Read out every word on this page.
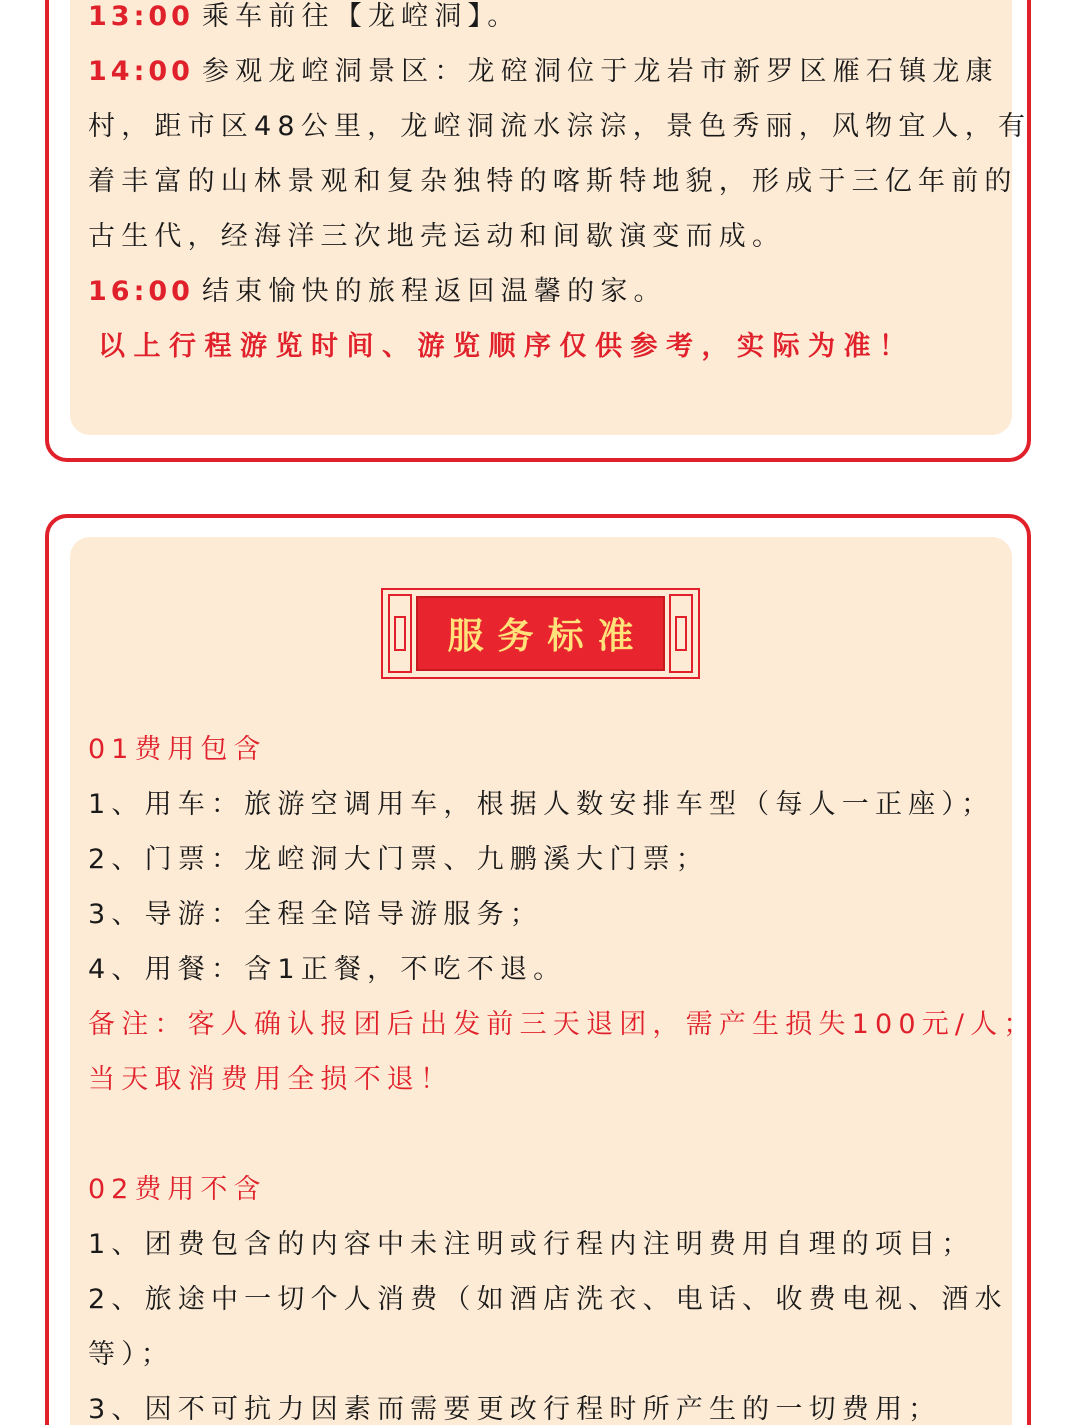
13:00 乘车前往【龙崆洞】。
14:00 参观龙崆洞景区：龙硿洞位于龙岩市新罗区雁石镇龙康
村，距市区48公里，龙崆洞流水淙淙，景色秀丽，风物宜人，有
着丰富的山林景观和复杂独特的喀斯特地貌，形成于三亿年前的
古生代，经海洋三次地壳运动和间歇演变而成。
16:00 结束愉快的旅程返回温馨的家。
以上行程游览时间、游览顺序仅供参考，实际为准！
服务标准
01费用包含
1、用车：旅游空调用车，根据人数安排车型（每人一正座）；
2、门票：龙崆洞大门票、九鹏溪大门票；
3、导游：全程全陪导游服务；
4、用餐：含1正餐，不吃不退。
备注：客人确认报团后出发前三天退团，需产生损失100元/人；
当天取消费用全损不退！
02费用不含
1、团费包含的内容中未注明或行程内注明费用自理的项目；
2、旅途中一切个人消费（如酒店洗衣、电话、收费电视、酒水
等）；
3、因不可抗力因素而需要更改行程时所产生的一切费用；
